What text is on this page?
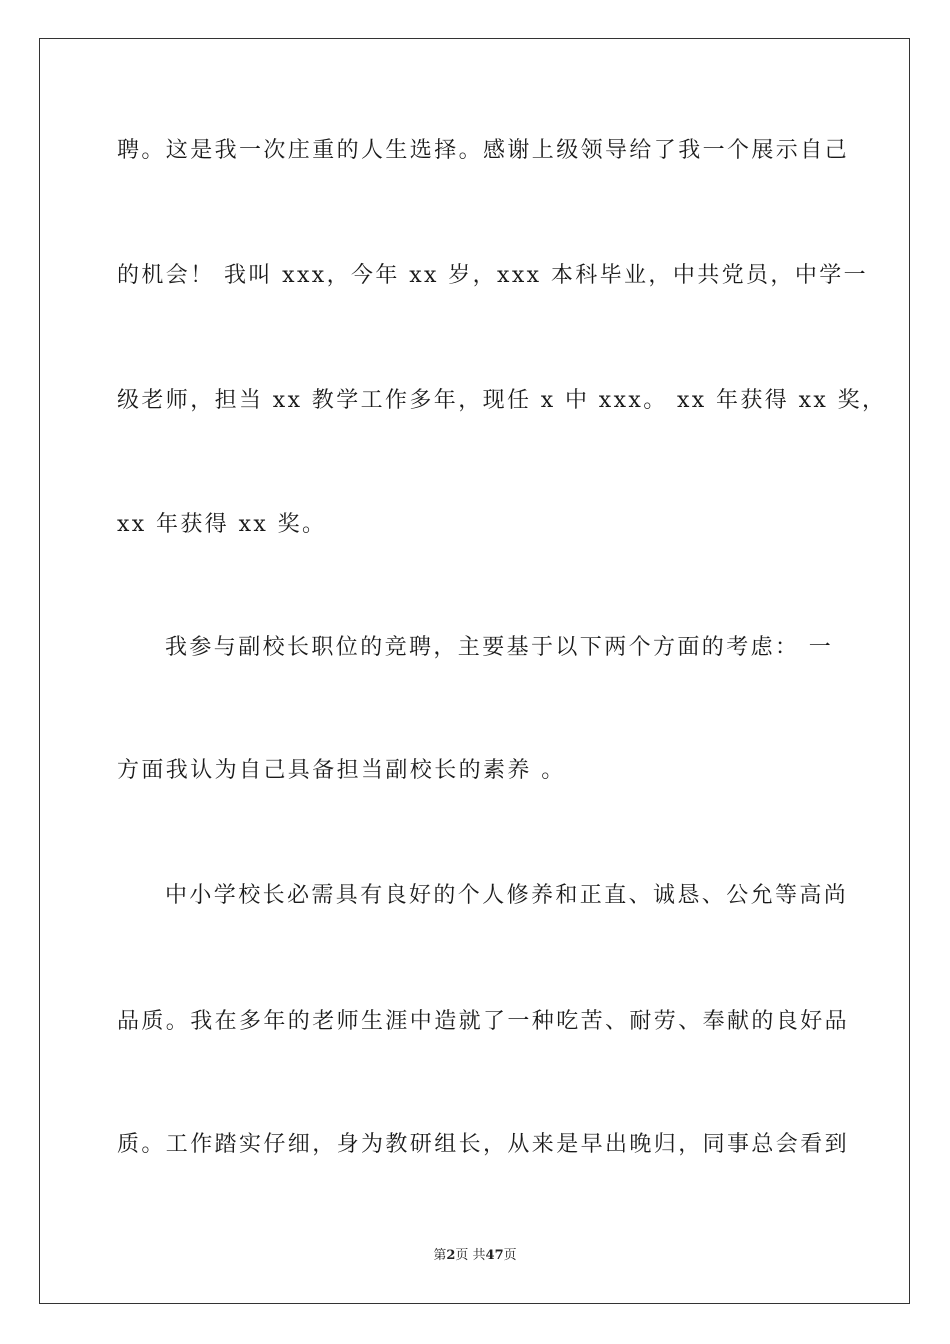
聘。这是我一次庄重的人生选择。感谢上级领导给了我一个展示自己
的机会！ 我叫 xxx，今年 xx 岁，xxx 本科毕业，中共党员，中学一
级老师，担当 xx 教学工作多年，现任 x 中 xxx。 xx 年获得 xx 奖，
xx 年获得 xx 奖。
我参与副校长职位的竞聘，主要基于以下两个方面的考虑： 一
方面我认为自己具备担当副校长的素养 。
中小学校长必需具有良好的个人修养和正直、诚恳、公允等高尚
品质。我在多年的老师生涯中造就了一种吃苦、耐劳、奉献的良好品
质。工作踏实仔细，身为教研组长，从来是早出晚归，同事总会看到
第2页 共47页
